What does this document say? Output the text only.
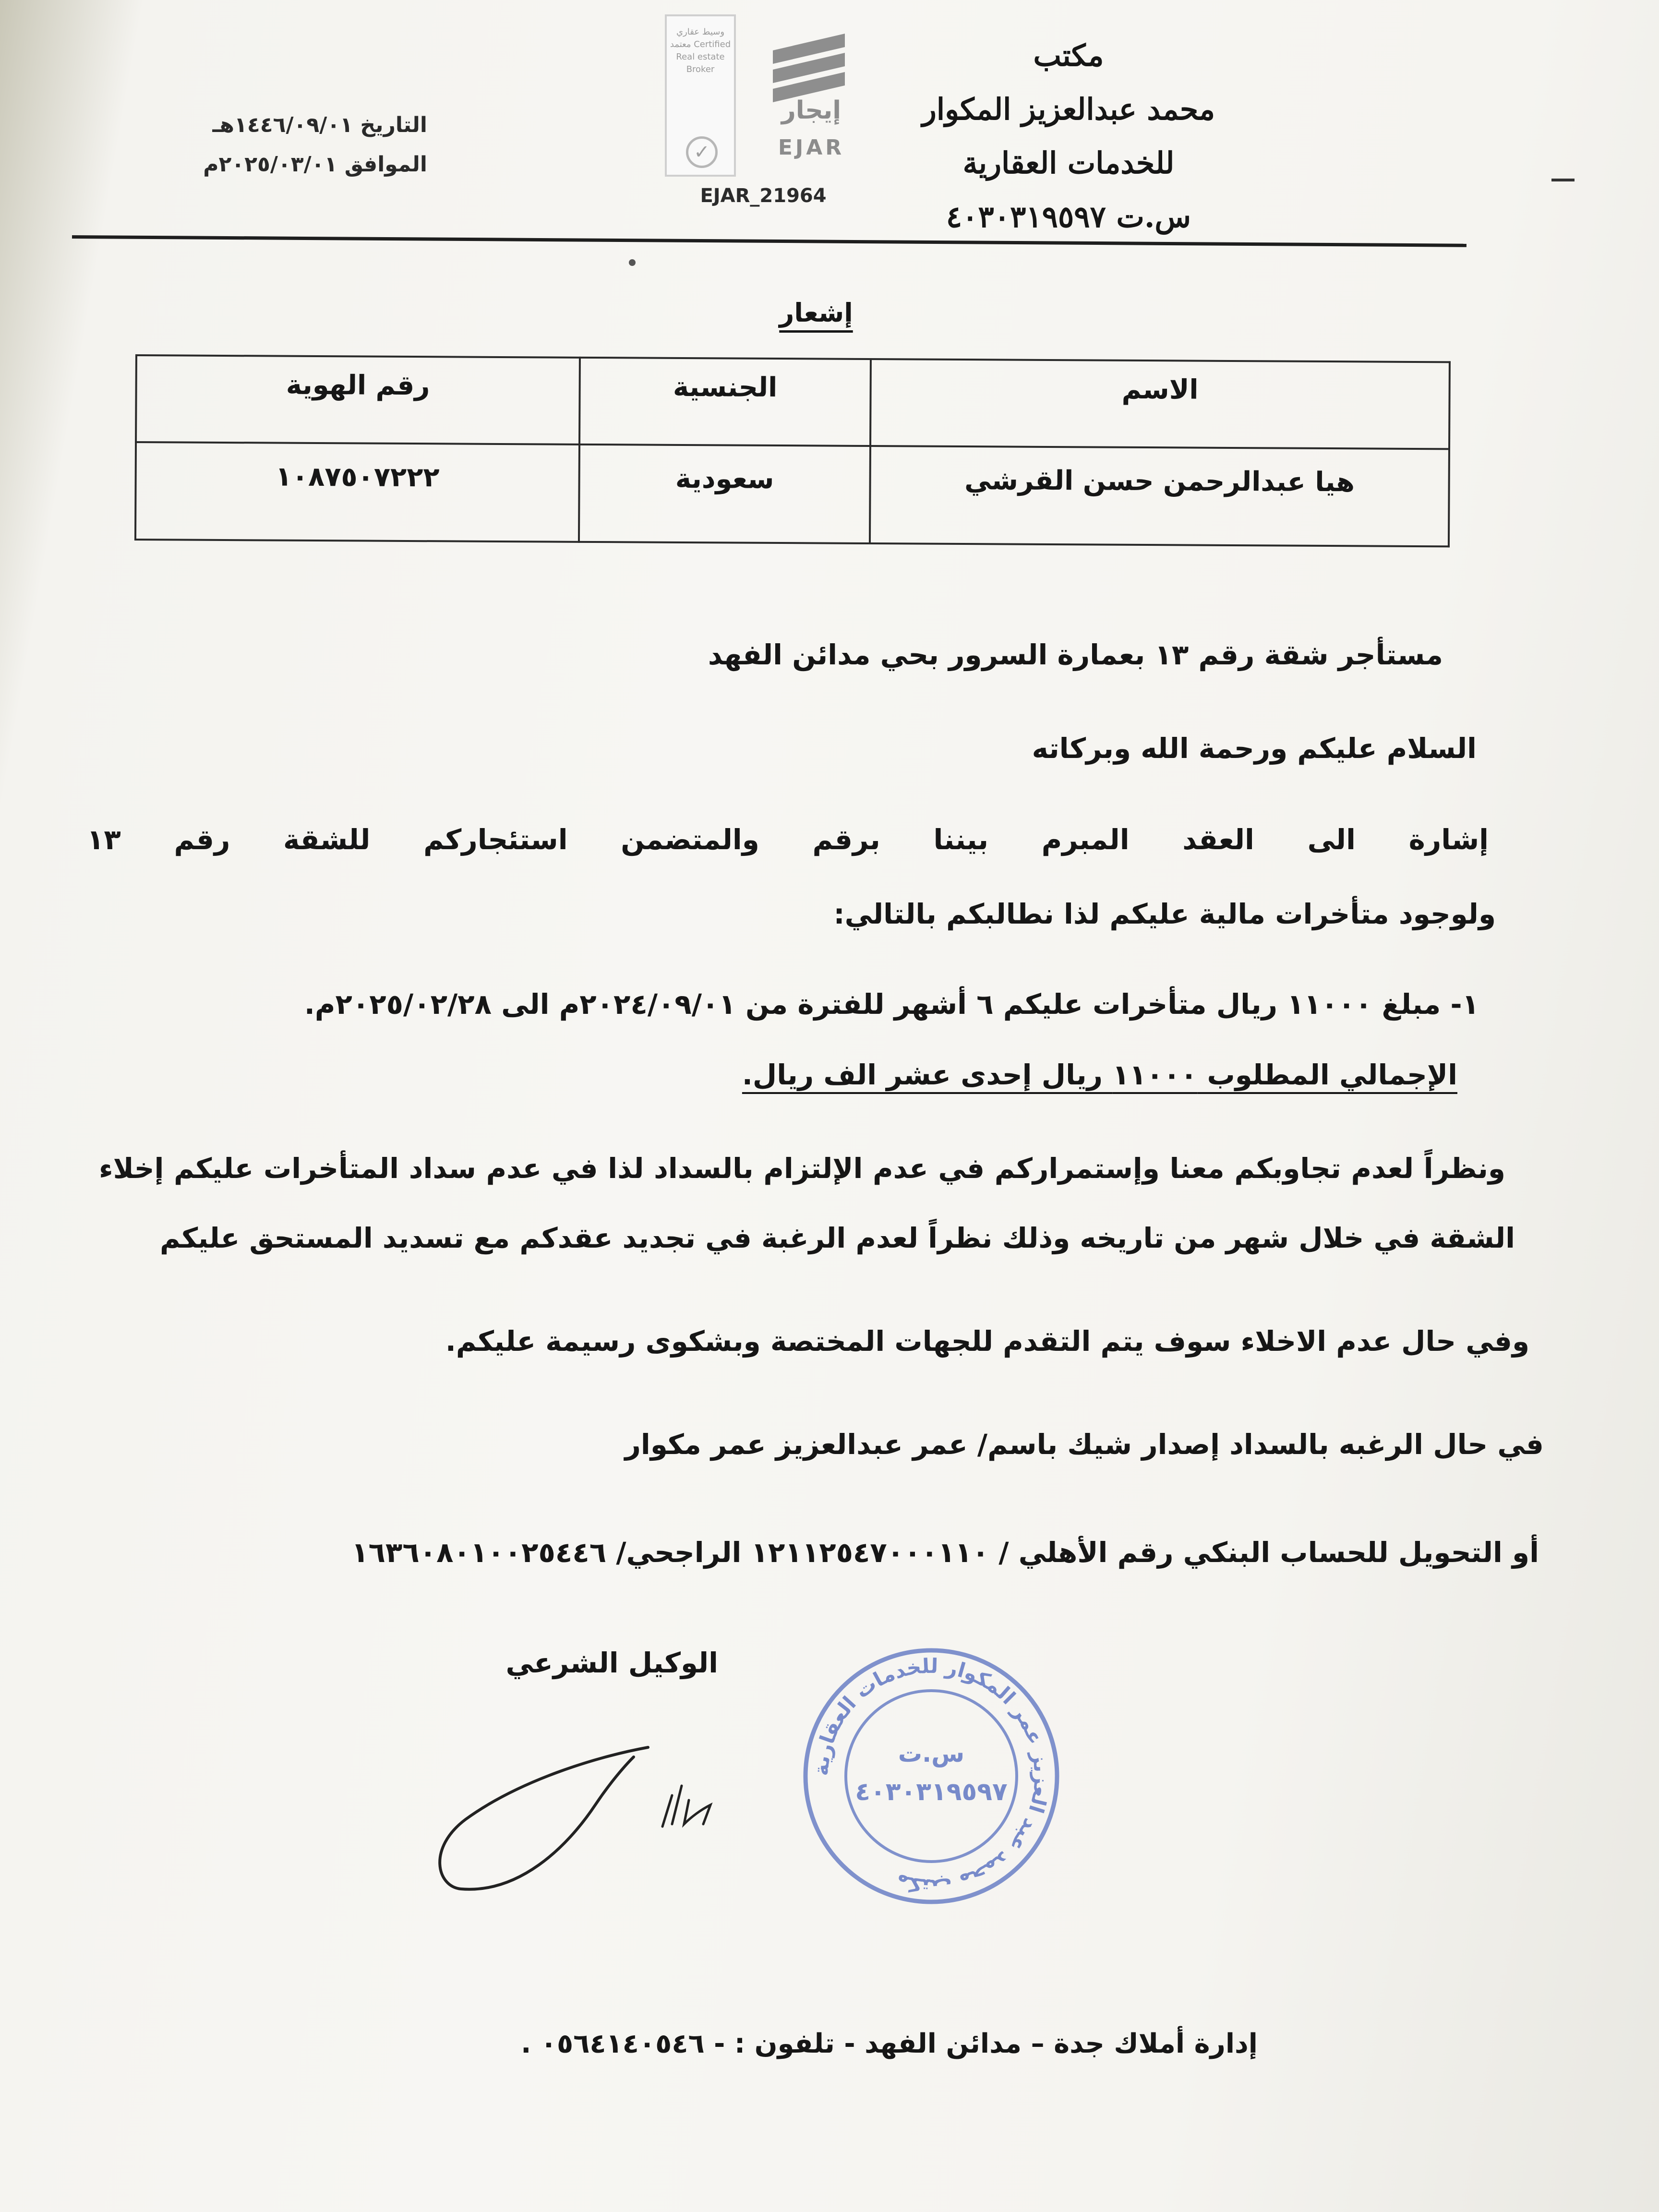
مكتب
محمد عبدالعزيز المكوار
للخدمات العقارية
س.ت ٤٠٣٠٣١٩٥٩٧
التاريخ ١٤٤٦/٠٩/٠١هـ
الموافق ٢٠٢٥/٠٣/٠١م
وسيط عقاري معتمد Certified Real estate Broker
✓
إيجار
EJAR
EJAR_21964
إشعار
الاسم	الجنسية	رقم الهوية
هيا عبدالرحمن حسن القرشي	سعودية	١٠٨٧٥٠٧٢٢٢
مستأجر شقة رقم ١٣ بعمارة السرور بحي مدائن الفهد
السلام عليكم ورحمة الله وبركاته
إشارة الى العقد المبرم بيننا برقم والمتضمن استئجاركم للشقة رقم ١٣
ولوجود متأخرات مالية عليكم لذا نطالبكم بالتالي:
١- مبلغ ١١٠٠٠ ريال متأخرات عليكم ٦ أشهر للفترة من ٢٠٢٤/٠٩/٠١م الى ٢٠٢٥/٠٢/٢٨م.
الإجمالي المطلوب ١١٠٠٠ ريال إحدى عشر الف ريال.
ونظراً لعدم تجاوبكم معنا وإستمراركم في عدم الإلتزام بالسداد لذا في عدم سداد المتأخرات عليكم إخلاء
الشقة في خلال شهر من تاريخه وذلك نظراً لعدم الرغبة في تجديد عقدكم مع تسديد المستحق عليكم
وفي حال عدم الاخلاء سوف يتم التقدم للجهات المختصة وبشكوى رسيمة عليكم.
في حال الرغبه بالسداد إصدار شيك باسم/ عمر عبدالعزيز عمر مكوار
أو التحويل للحساب البنكي رقم الأهلي / ١٢١١٢٥٤٧٠٠٠١١٠ الراجحي/ ١٦٣٦٠٨٠١٠٠٢٥٤٤٦
الوكيل الشرعي
مكتب محمد عبد العزيز عمر المكوار للخدمات العقارية
س.ت
٤٠٣٠٣١٩٥٩٧
إدارة أملاك جدة – مدائن الفهد - تلفون : - ٠٥٦٤١٤٠٥٤٦ .
